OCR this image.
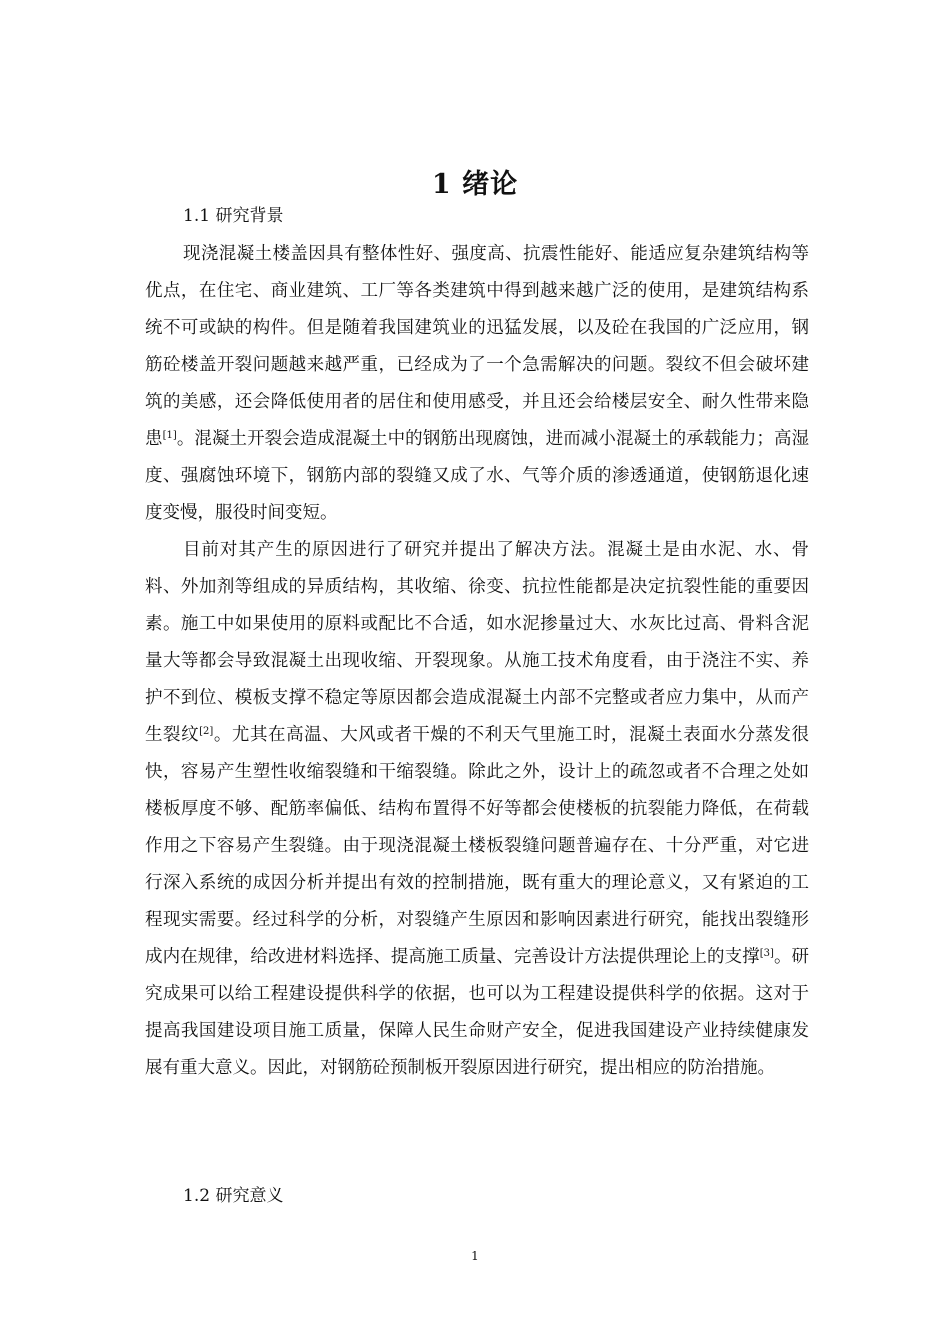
1 绪论
1.1 研究背景

现浇混凝土楼盖因具有整体性好、强度高、抗震性能好、能适应复杂建筑结构等优点，在住宅、商业建筑、工厂等各类建筑中得到越来越广泛的使用，是建筑结构系统不可或缺的构件。但是随着我国建筑业的迅猛发展，以及砼在我国的广泛应用，钢筋砼楼盖开裂问题越来越严重，已经成为了一个急需解决的问题。裂纹不但会破坏建筑的美感，还会降低使用者的居住和使用感受，并且还会给楼层安全、耐久性带来隐患[1]。混凝土开裂会造成混凝土中的钢筋出现腐蚀，进而减小混凝土的承载能力；高湿度、强腐蚀环境下，钢筋内部的裂缝又成了水、气等介质的渗透通道，使钢筋退化速度变慢，服役时间变短。

目前对其产生的原因进行了研究并提出了解决方法。混凝土是由水泥、水、骨料、外加剂等组成的异质结构，其收缩、徐变、抗拉性能都是决定抗裂性能的重要因素。施工中如果使用的原料或配比不合适，如水泥掺量过大、水灰比过高、骨料含泥量大等都会导致混凝土出现收缩、开裂现象。从施工技术角度看，由于浇注不实、养护不到位、模板支撑不稳定等原因都会造成混凝土内部不完整或者应力集中，从而产生裂纹[2]。尤其在高温、大风或者干燥的不利天气里施工时，混凝土表面水分蒸发很快，容易产生塑性收缩裂缝和干缩裂缝。除此之外，设计上的疏忽或者不合理之处如楼板厚度不够、配筋率偏低、结构布置得不好等都会使楼板的抗裂能力降低，在荷载作用之下容易产生裂缝。由于现浇混凝土楼板裂缝问题普遍存在、十分严重，对它进行深入系统的成因分析并提出有效的控制措施，既有重大的理论意义，又有紧迫的工程现实需要。经过科学的分析，对裂缝产生原因和影响因素进行研究，能找出裂缝形成内在规律，给改进材料选择、提高施工质量、完善设计方法提供理论上的支撑[3]。研究成果可以给工程建设提供科学的依据，也可以为工程建设提供科学的依据。这对于提高我国建设项目施工质量，保障人民生命财产安全，促进我国建设产业持续健康发展有重大意义。因此，对钢筋砼预制板开裂原因进行研究，提出相应的防治措施。

1.2 研究意义
1
